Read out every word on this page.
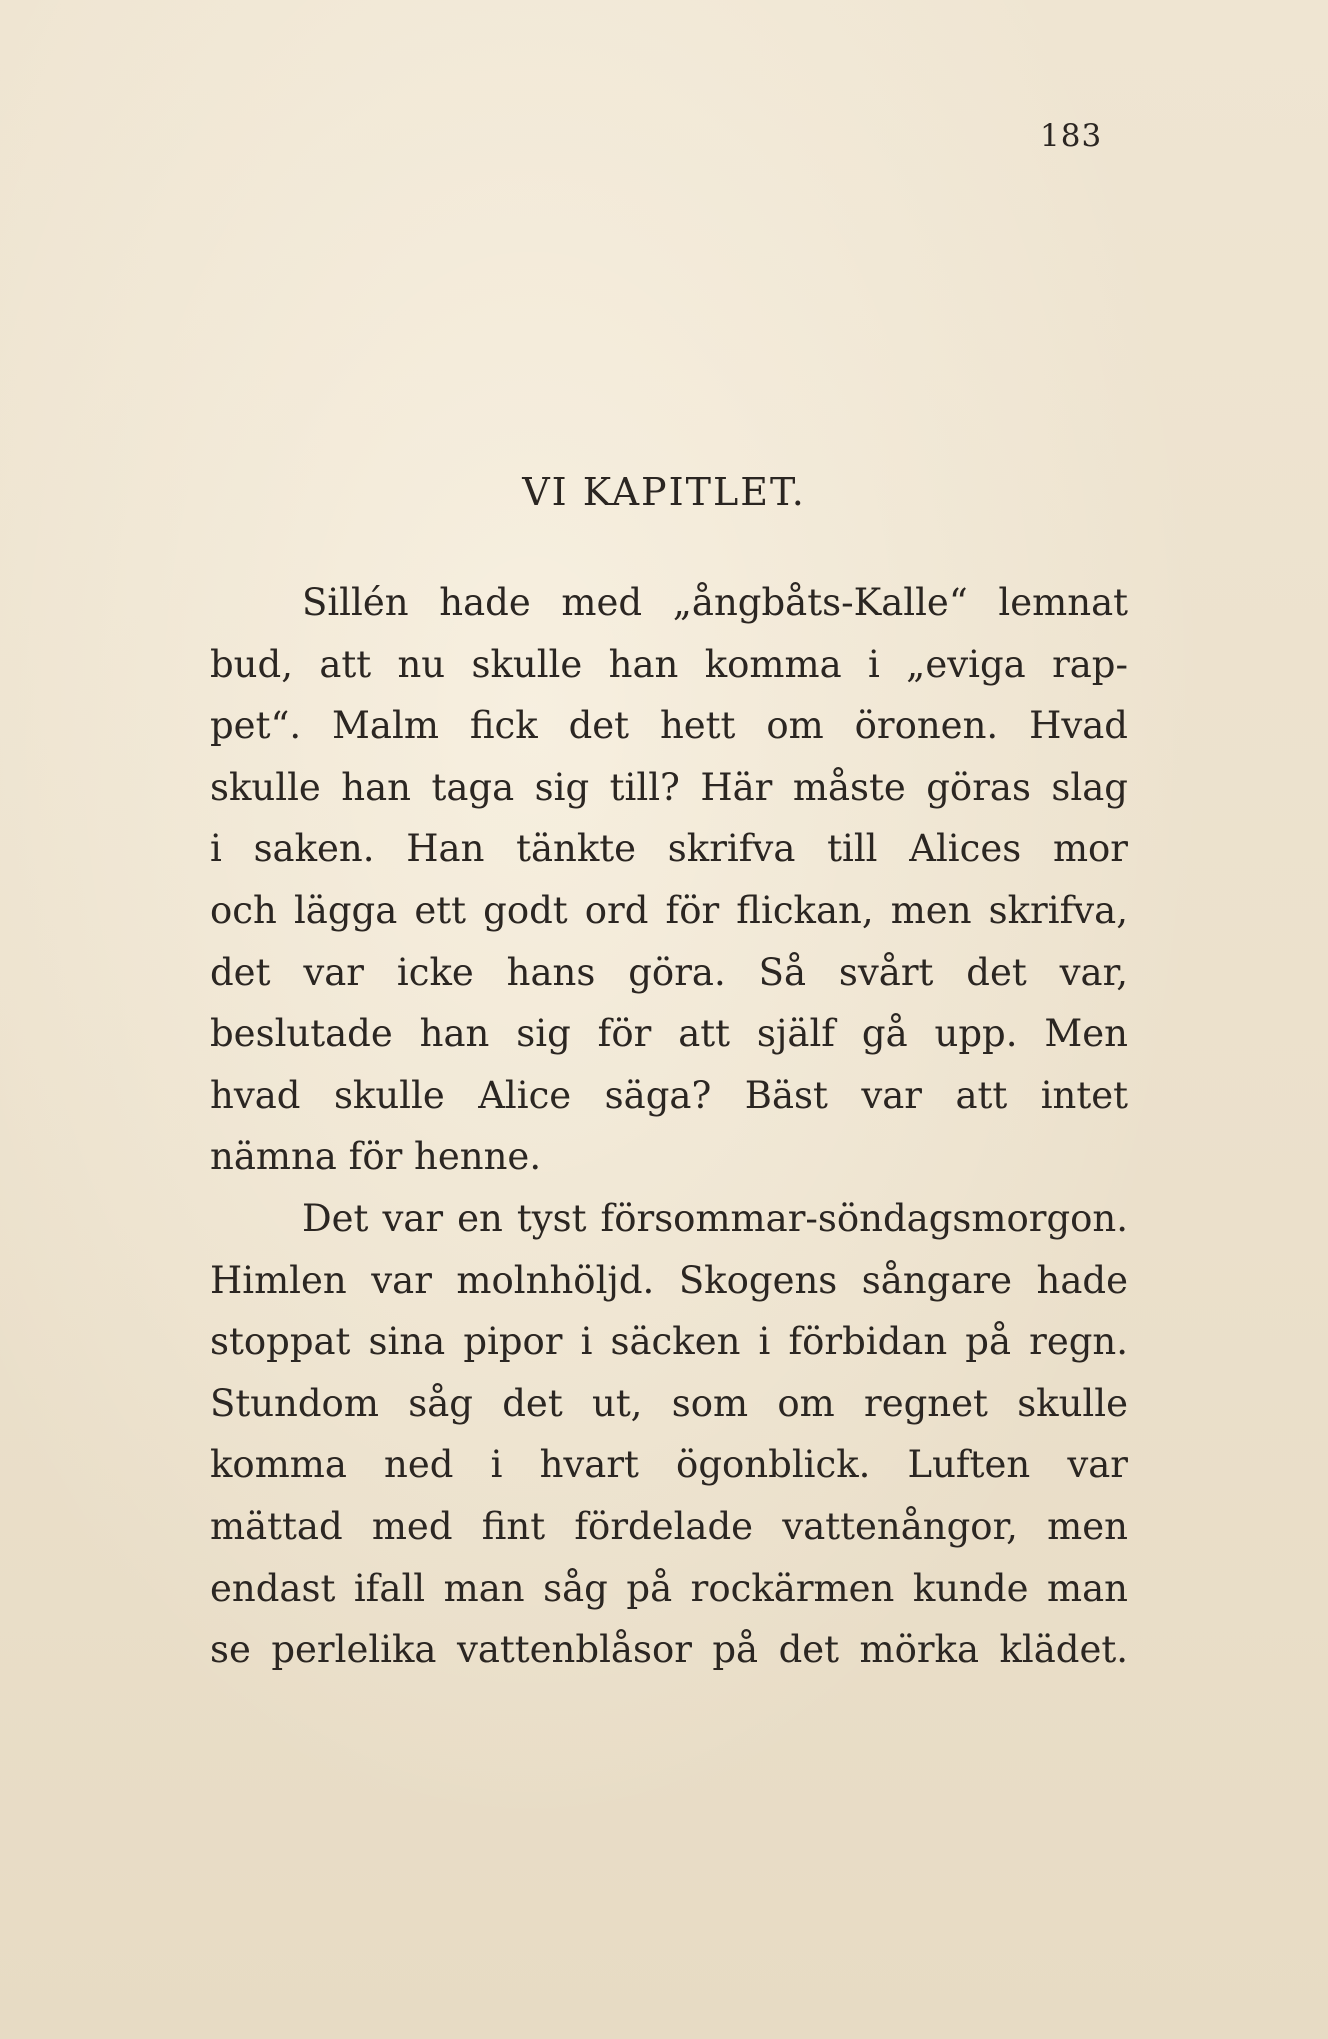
183
VI KAPITLET.
Sillén hade med „ångbåts-Kalle“ lemnat
bud, att nu skulle han komma i „eviga rap-
pet“. Malm fick det hett om öronen. Hvad
skulle han taga sig till? Här måste göras slag
i saken. Han tänkte skrifva till Alices mor
och lägga ett godt ord för flickan, men skrifva,
det var icke hans göra. Så svårt det var,
beslutade han sig för att själf gå upp. Men
hvad skulle Alice säga? Bäst var att intet
nämna för henne.
Det var en tyst försommar-söndagsmorgon.
Himlen var molnhöljd. Skogens sångare hade
stoppat sina pipor i säcken i förbidan på regn.
Stundom såg det ut, som om regnet skulle
komma ned i hvart ögonblick. Luften var
mättad med fint fördelade vattenångor, men
endast ifall man såg på rockärmen kunde man
se perlelika vattenblåsor på det mörka klädet.
